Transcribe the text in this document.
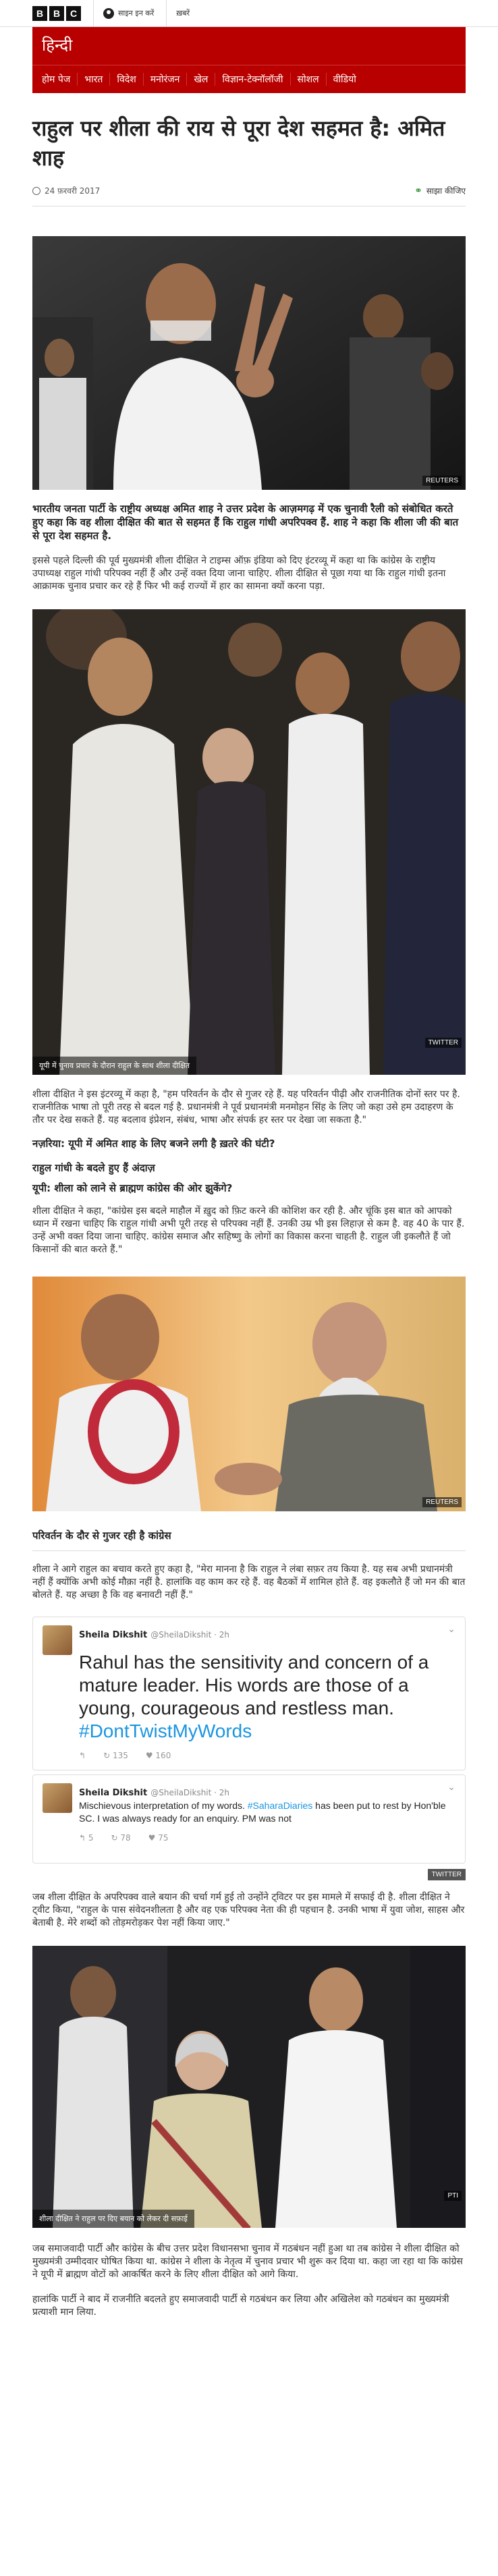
B	B	C	साइन इन करें	ख़बरें
हिन्दी
होम पेज	भारत	विदेश	मनोरंजन	खेल	विज्ञान-टेक्नॉलॉजी	सोशल	वीडियो
राहुल पर शीला की राय से पूरा देश सहमत है: अमित शाह
24 फ़रवरी 2017	⚭ साझा कीजिए
REUTERS

भारतीय जनता पार्टी के राष्ट्रीय अध्यक्ष अमित शाह ने उत्तर प्रदेश के आज़मगढ़ में एक चुनावी रैली को संबोधित करते हुए कहा कि वह शीला दीक्षित की बात से सहमत हैं कि राहुल गांधी अपरिपक्व हैं. शाह ने कहा कि शीला जी की बात से पूरा देश सहमत है.

इससे पहले दिल्ली की पूर्व मुख्यमंत्री शीला दीक्षित ने टाइम्स ऑफ़ इंडिया को दिए इंटरव्यू में कहा था कि कांग्रेस के राष्ट्रीय उपाध्यक्ष राहुल गांधी परिपक्व नहीं हैं और उन्हें वक्त दिया जाना चाहिए. शीला दीक्षित से पूछा गया था कि राहुल गांधी इतना आक्रामक चुनाव प्रचार कर रहे हैं फिर भी कई राज्यों में हार का सामना क्यों करना पड़ा.

यूपी में चुनाव प्रचार के दौरान राहुल के साथ शीला दीक्षित
TWITTER

शीला दीक्षित ने इस इंटरव्यू में कहा है, "हम परिवर्तन के दौर से गुजर रहे हैं. यह परिवर्तन पीढ़ी और राजनीतिक दोनों स्तर पर है. राजनीतिक भाषा तो पूरी तरह से बदल गई है. प्रधानमंत्री ने पूर्व प्रधानमंत्री मनमोहन सिंह के लिए जो कहा उसे हम उदाहरण के तौर पर देख सकते हैं. यह बदलाव इंप्रेशन, संबंध, भाषा और संपर्क हर स्तर पर देखा जा सकता है."

नज़रिया: यूपी में अमित शाह के लिए बजने लगी है ख़तरे की घंटी?
राहुल गांधी के बदले हुए हैं अंदाज़
यूपी: शीला को लाने से ब्राह्मण कांग्रेस की ओर झुकेंगे?

शीला दीक्षित ने कहा, "कांग्रेस इस बदले माहौल में ख़ुद को फ़िट करने की कोशिश कर रही है. और चूंकि इस बात को आपको ध्यान में रखना चाहिए कि राहुल गांधी अभी पूरी तरह से परिपक्व नहीं हैं. उनकी उम्र भी इस लिहाज़ से कम है. वह 40 के पार हैं. उन्हें अभी वक्त दिया जाना चाहिए. कांग्रेस समाज और सहिष्णु के लोगों का विकास करना चाहती है. राहुल जी इकलौते हैं जो किसानों की बात करते हैं."

REUTERS
परिवर्तन के दौर से गुजर रही है कांग्रेस

शीला ने आगे राहुल का बचाव करते हुए कहा है, "मेरा मानना है कि राहुल ने लंबा सफ़र तय किया है. यह सब अभी प्रधानमंत्री नहीं हैं क्योंकि अभी कोई मौक़ा नहीं है. हालांकि वह काम कर रहे हैं. वह बैठकों में शामिल होते हैं. वह इकलौते हैं जो मन की बात बोलते हैं. यह अच्छा है कि वह बनावटी नहीं हैं."

Sheila Dikshit @SheilaDikshit · 2h	⌄
Rahul has the sensitivity and concern of a mature leader. His words are those of a young, courageous and restless man. #DontTwistMyWords
↰ ↻ 135 ♥ 160
Sheila Dikshit @SheilaDikshit · 2h	⌄
Mischievous interpretation of my words. #SaharaDiaries has been put to rest by Hon'ble SC. I was always ready for an enquiry. PM was not
↰ 5 ↻ 78 ♥ 75
TWITTER

जब शीला दीक्षित के अपरिपक्व वाले बयान की चर्चा गर्म हुई तो उन्होंने ट्विटर पर इस मामले में सफाई दी है. शीला दीक्षित ने ट्वीट किया, "राहुल के पास संवेदनशीलता है और वह एक परिपक्व नेता की ही पहचान है. उनकी भाषा में युवा जोश, साहस और बेताबी है. मेरे शब्दों को तोड़मरोड़कर पेश नहीं किया जाए."

शीला दीक्षित ने राहुल पर दिए बयान को लेकर दी सफ़ाई
PTI

जब समाजवादी पार्टी और कांग्रेस के बीच उत्तर प्रदेश विधानसभा चुनाव में गठबंधन नहीं हुआ था तब कांग्रेस ने शीला दीक्षित को मुख्यमंत्री उम्मीदवार घोषित किया था. कांग्रेस ने शीला के नेतृत्व में चुनाव प्रचार भी शुरू कर दिया था. कहा जा रहा था कि कांग्रेस ने यूपी में ब्राह्मण वोटों को आकर्षित करने के लिए शीला दीक्षित को आगे किया.

हालांकि पार्टी ने बाद में राजनीति बदलते हुए समाजवादी पार्टी से गठबंधन कर लिया और अखिलेश को गठबंधन का मुख्यमंत्री प्रत्याशी मान लिया.
